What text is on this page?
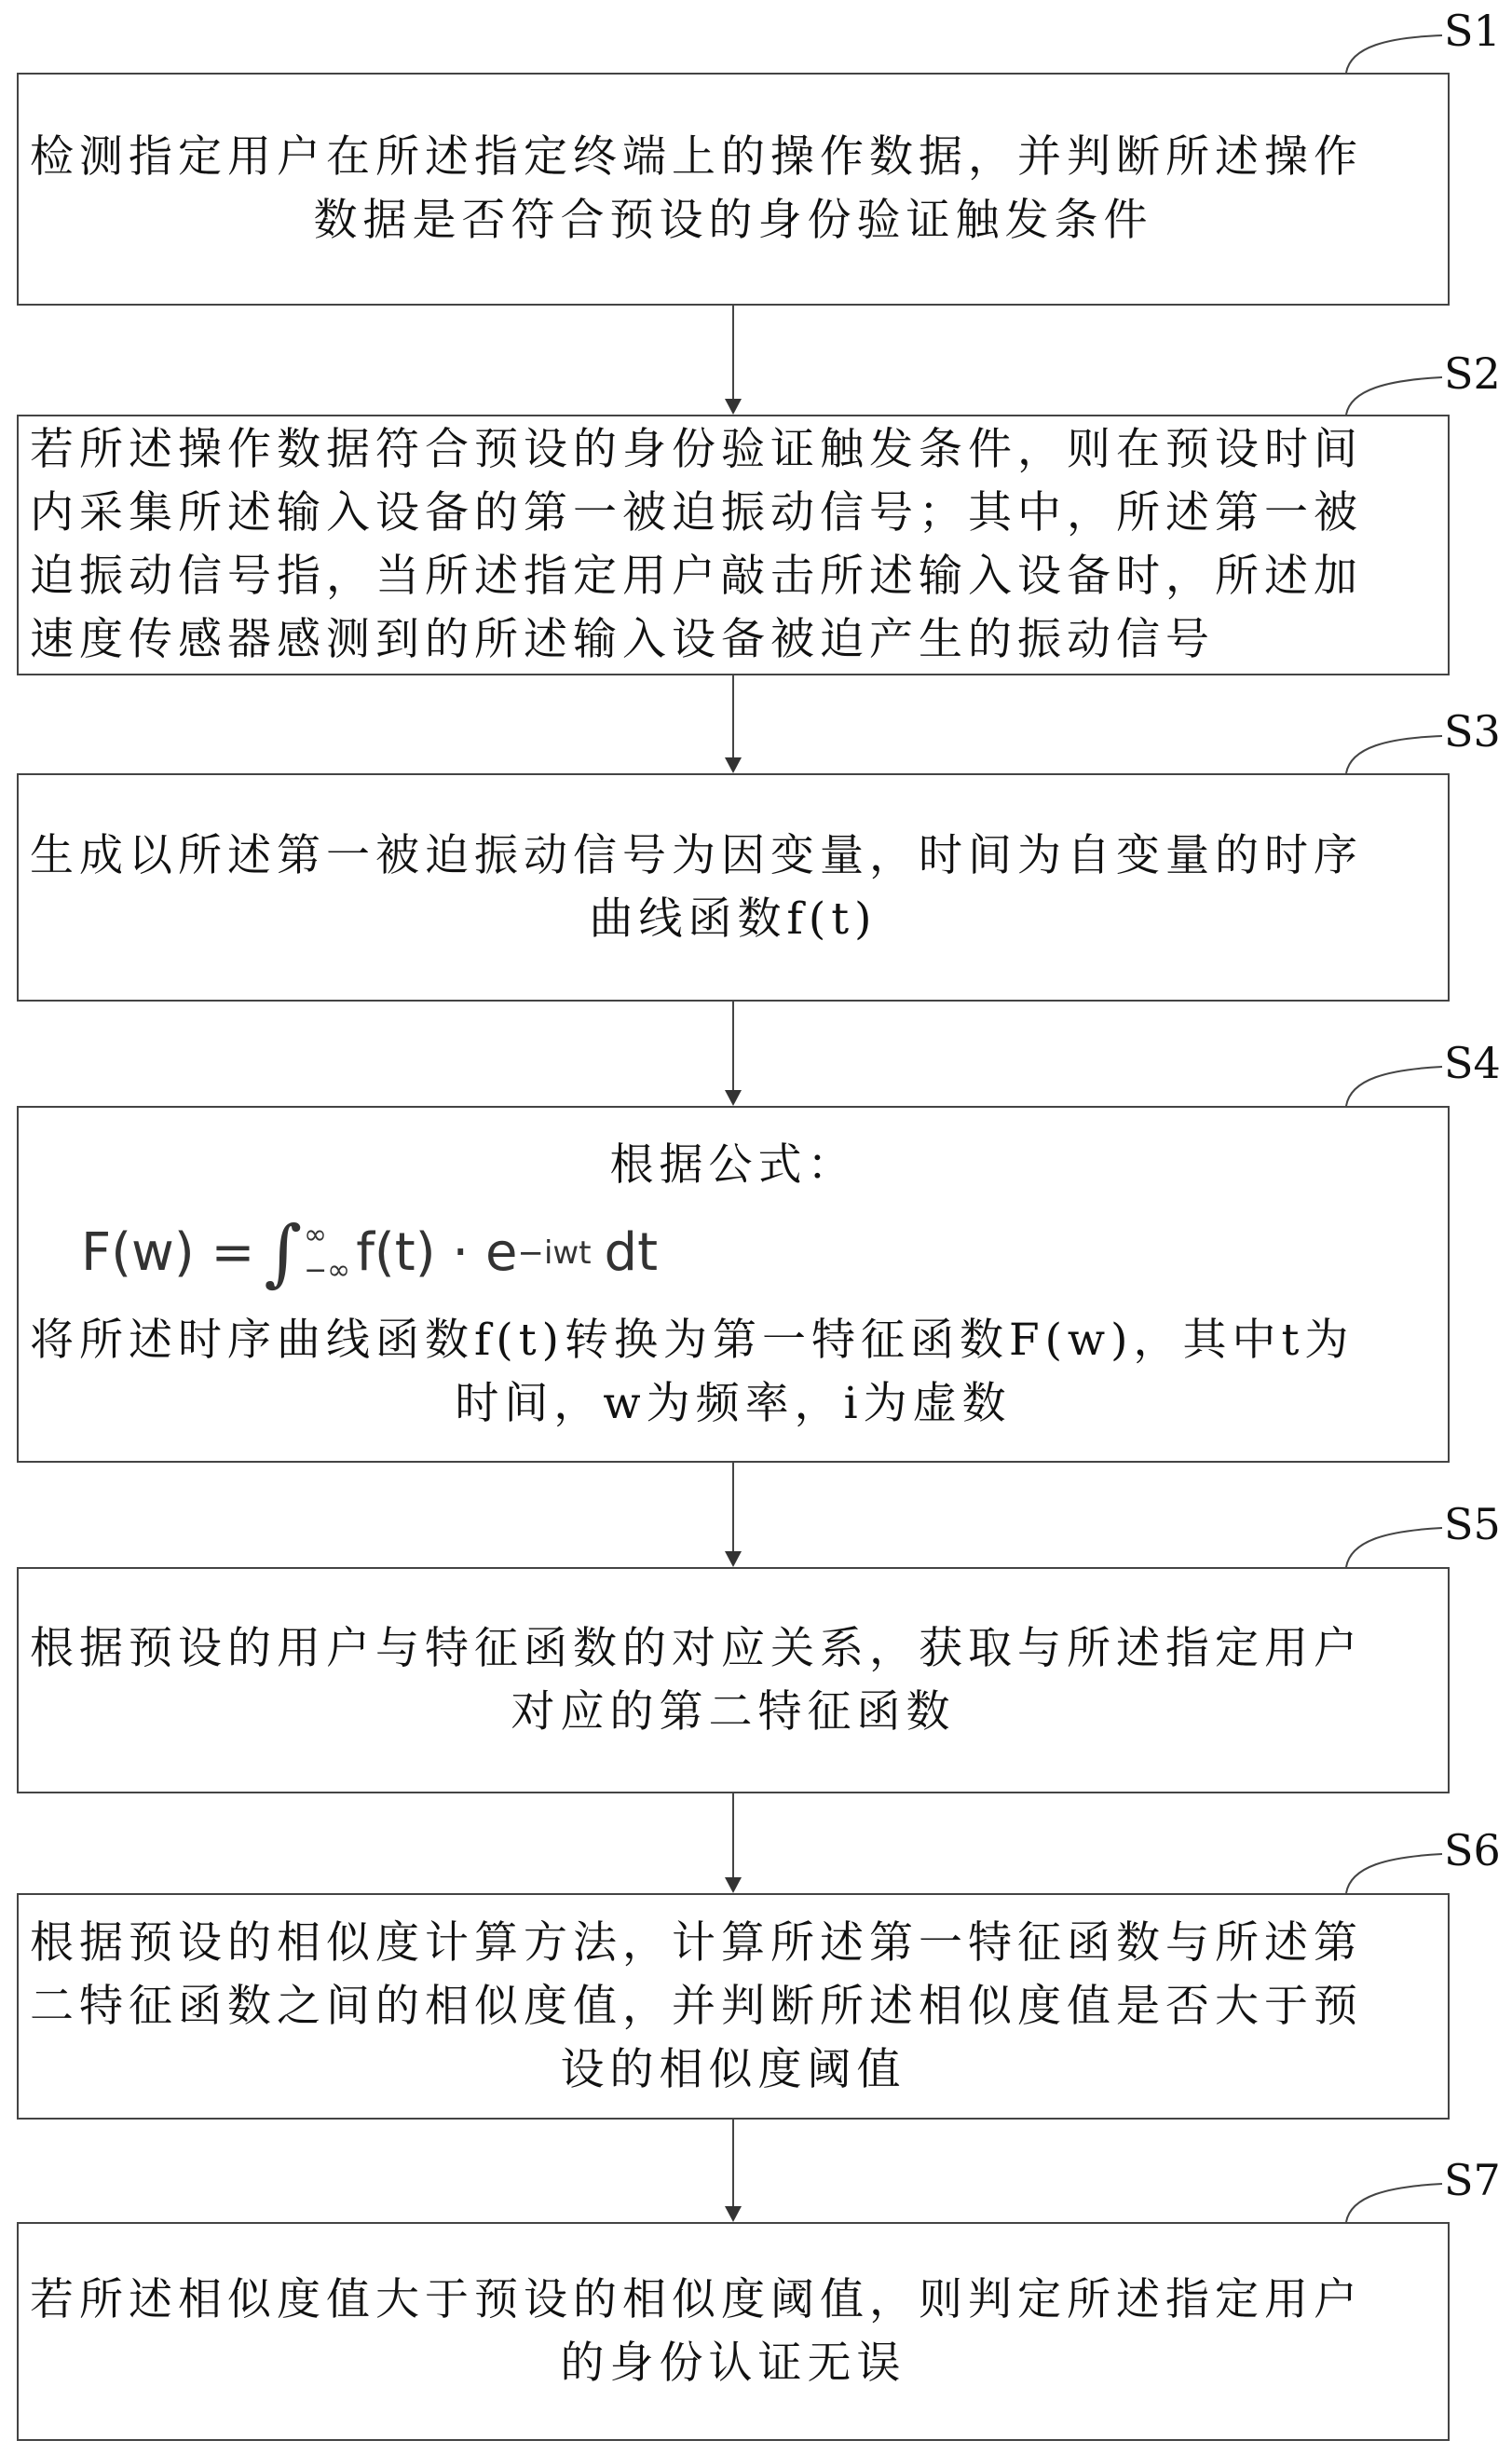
检测指定用户在所述指定终端上的操作数据，并判断所述操作
数据是否符合预设的身份验证触发条件
若所述操作数据符合预设的身份验证触发条件，则在预设时间
内采集所述输入设备的第一被迫振动信号；其中，所述第一被
迫振动信号指，当所述指定用户敲击所述输入设备时，所述加
速度传感器感测到的所述输入设备被迫产生的振动信号
生成以所述第一被迫振动信号为因变量，时间为自变量的时序
曲线函数f(t)
根据公式：
F(w) = ∫ ∞
−∞ f(t) · e −iwt dt
将所述时序曲线函数f(t)转换为第一特征函数F(w)，其中t为
时间，w为频率，i为虚数
根据预设的用户与特征函数的对应关系，获取与所述指定用户
对应的第二特征函数
根据预设的相似度计算方法，计算所述第一特征函数与所述第
二特征函数之间的相似度值，并判断所述相似度值是否大于预
设的相似度阈值
若所述相似度值大于预设的相似度阈值，则判定所述指定用户
的身份认证无误
S1
S2
S3
S4
S5
S6
S7
